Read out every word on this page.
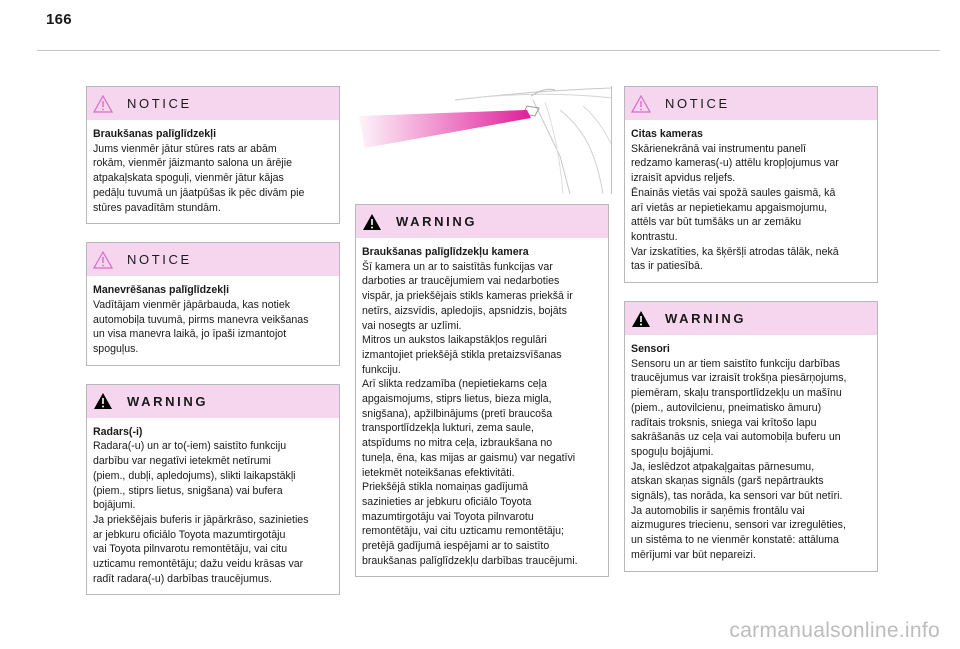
166
NOTICE
Braukšanas palīglīdzekļi
Jums vienmēr jātur stūres rats ar abām
rokām, vienmēr jāizmanto salona un ārējie
atpakaļskata spoguļi, vienmēr jātur kājas
pedāļu tuvumā un jāatpūšas ik pēc divām pie
stūres pavadītām stundām.
NOTICE
Manevrēšanas palīglīdzekļi
Vadītājam vienmēr jāpārbauda, kas notiek
automobiļa tuvumā, pirms manevra veikšanas
un visa manevra laikā, jo īpaši izmantojot
spoguļus.
WARNING
Radars(-i)
Radara(-u) un ar to(-iem) saistīto funkciju
darbību var negatīvi ietekmēt netīrumi
(piem., dubļi, apledojums), slikti laikapstākļi
(piem., stiprs lietus, snigšana) vai bufera
bojājumi.
Ja priekšējais buferis ir jāpārkrāso, sazinieties
ar jebkuru oficiālo Toyota mazumtirgotāju
vai Toyota pilnvarotu remontētāju, vai citu
uzticamu remontētāju; dažu veidu krāsas var
radīt radara(-u) darbības traucējumus.
WARNING
Braukšanas palīglīdzekļu kamera
Šī kamera un ar to saistītās funkcijas var
darboties ar traucējumiem vai nedarboties
vispār, ja priekšējais stikls kameras priekšā ir
netīrs, aizsvīdis, apledojis, apsnidzis, bojāts
vai nosegts ar uzlīmi.
Mitros un aukstos laikapstākļos regulāri
izmantojiet priekšējā stikla pretaizsvīšanas
funkciju.
Arī slikta redzamība (nepietiekams ceļa
apgaismojums, stiprs lietus, bieza migla,
snigšana), apžilbinājums (pretī braucoša
transportlīdzekļa lukturi, zema saule,
atspīdums no mitra ceļa, izbraukšana no
tuneļa, ēna, kas mijas ar gaismu) var negatīvi
ietekmēt noteikšanas efektivitāti.
Priekšējā stikla nomaiņas gadījumā
sazinieties ar jebkuru oficiālo Toyota
mazumtirgotāju vai Toyota pilnvarotu
remontētāju, vai citu uzticamu remontētāju;
pretējā gadījumā iespējami ar to saistīto
braukšanas palīglīdzekļu darbības traucējumi.
NOTICE
Citas kameras
Skārienekrānā vai instrumentu panelī
redzamo kameras(-u) attēlu kropļojumus var
izraisīt apvidus reljefs.
Ēnainās vietās vai spožā saules gaismā, kā
arī vietās ar nepietiekamu apgaismojumu,
attēls var būt tumšāks un ar zemāku
kontrastu.
Var izskatīties, ka šķēršļi atrodas tālāk, nekā
tas ir patiesībā.
WARNING
Sensori
Sensoru un ar tiem saistīto funkciju darbības
traucējumus var izraisīt trokšņa piesārņojums,
piemēram, skaļu transportlīdzekļu un mašīnu
(piem., autovilcienu, pneimatisko āmuru)
radītais troksnis, sniega vai krītošo lapu
sakrāšanās uz ceļa vai automobiļa buferu un
spoguļu bojājumi.
Ja, ieslēdzot atpakaļgaitas pārnesumu,
atskan skaņas signāls (garš nepārtraukts
signāls), tas norāda, ka sensori var būt netīri.
Ja automobilis ir saņēmis frontālu vai
aizmugures triecienu, sensori var izregulēties,
un sistēma to ne vienmēr konstatē: attāluma
mērījumi var būt nepareizi.
carmanualsonline.info
